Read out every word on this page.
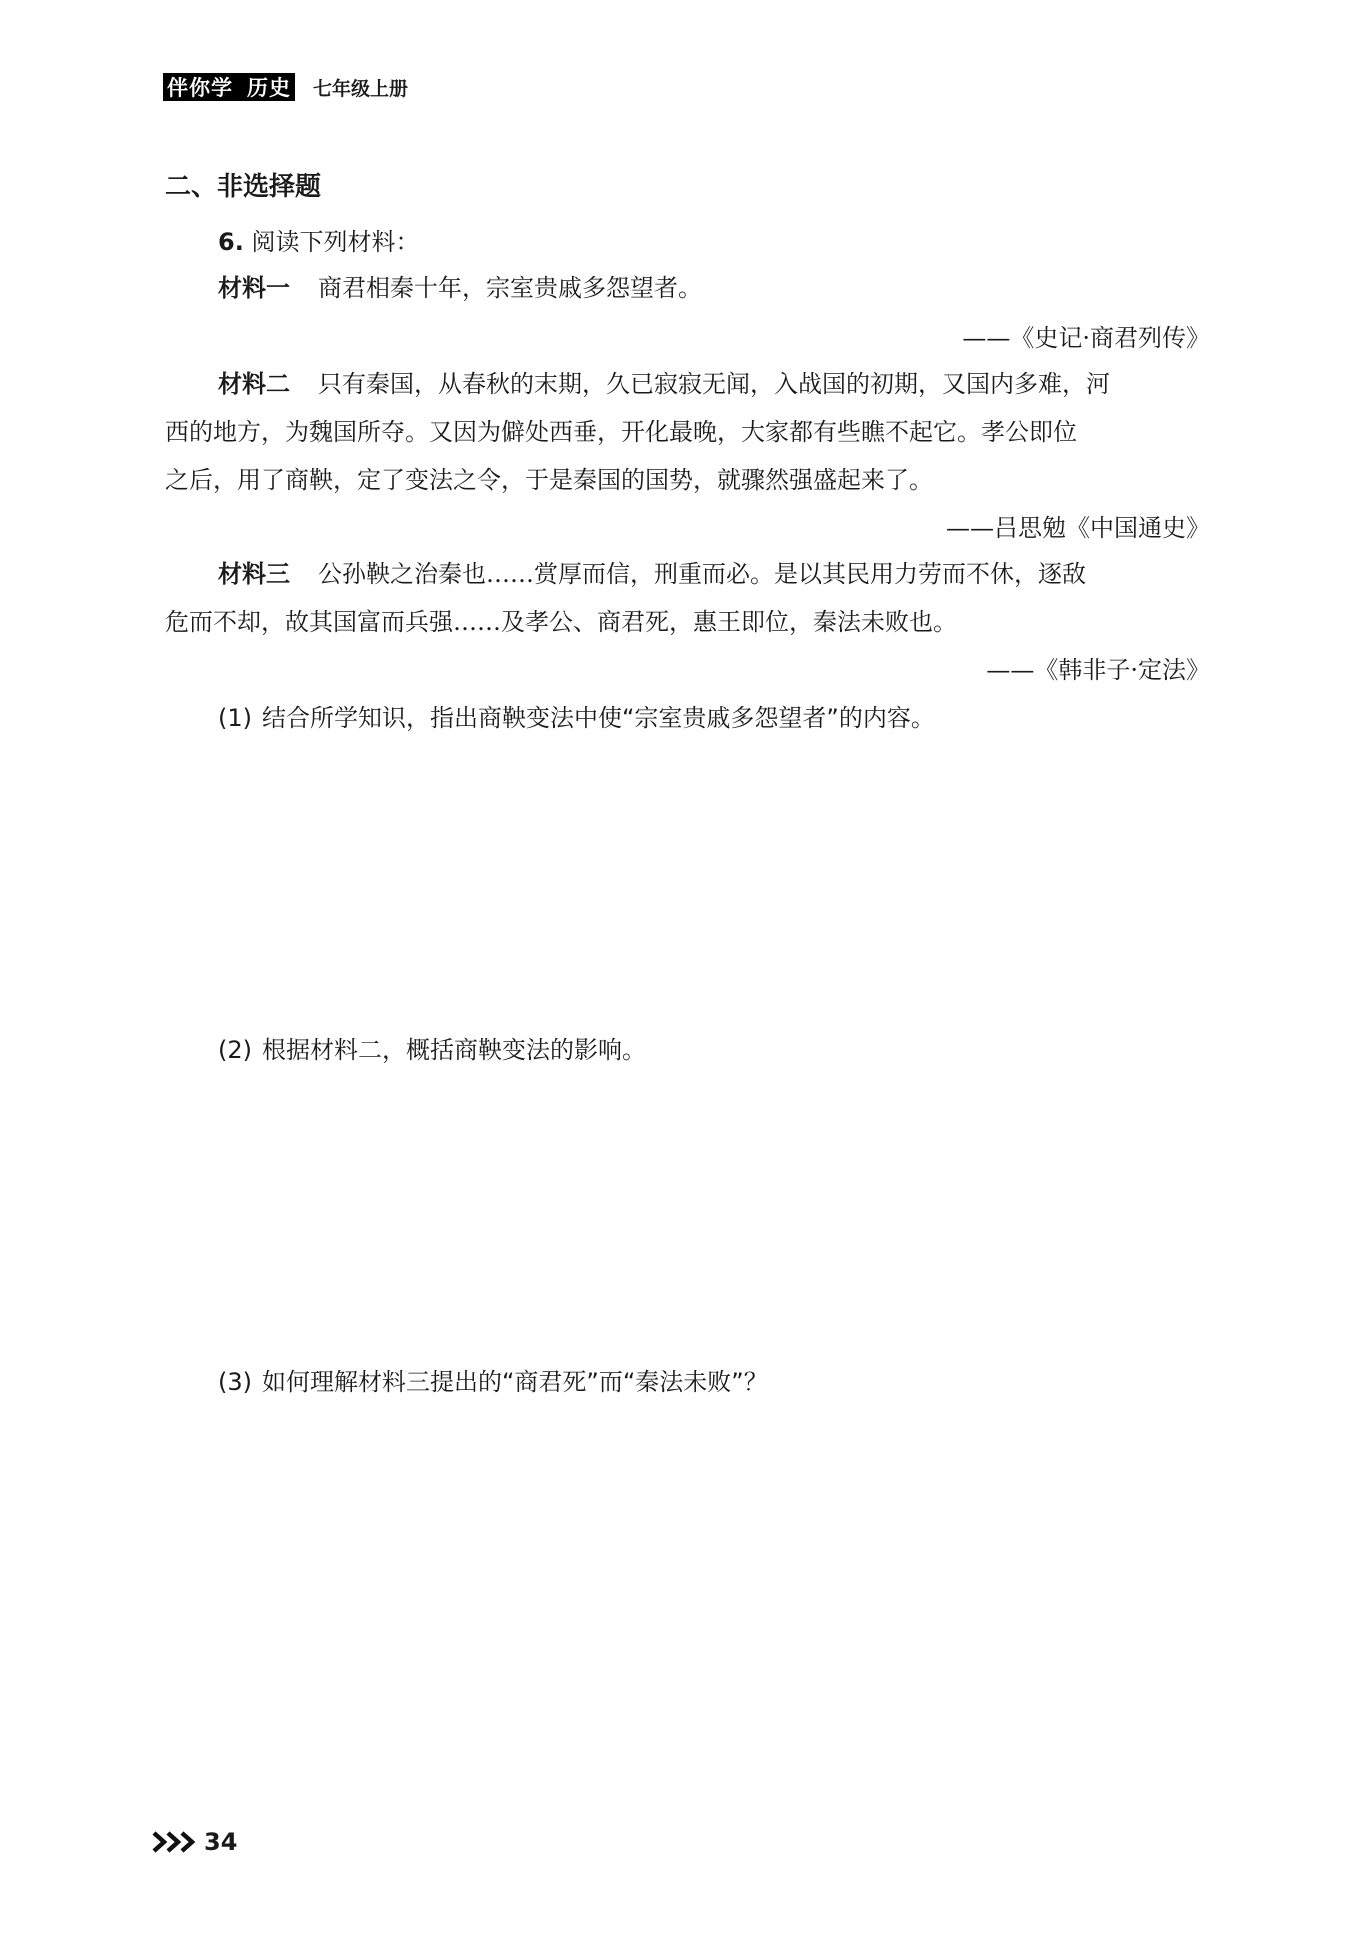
伴你学 历史 七年级上册
二、非选择题
6. 阅读下列材料：
材料一 商君相秦十年，宗室贵戚多怨望者。
——《史记·商君列传》
材料二 只有秦国，从春秋的末期，久已寂寂无闻，入战国的初期，又国内多难，河
西的地方，为魏国所夺。又因为僻处西垂，开化最晚，大家都有些瞧不起它。孝公即位
之后，用了商鞅，定了变法之令，于是秦国的国势，就骤然强盛起来了。
——吕思勉《中国通史》
材料三 公孙鞅之治秦也……赏厚而信，刑重而必。是以其民用力劳而不休，逐敌
危而不却，故其国富而兵强……及孝公、商君死，惠王即位，秦法未败也。
——《韩非子·定法》
(1) 结合所学知识，指出商鞅变法中使“宗室贵戚多怨望者”的内容。
(2) 根据材料二，概括商鞅变法的影响。
(3) 如何理解材料三提出的“商君死”而“秦法未败”？
34
